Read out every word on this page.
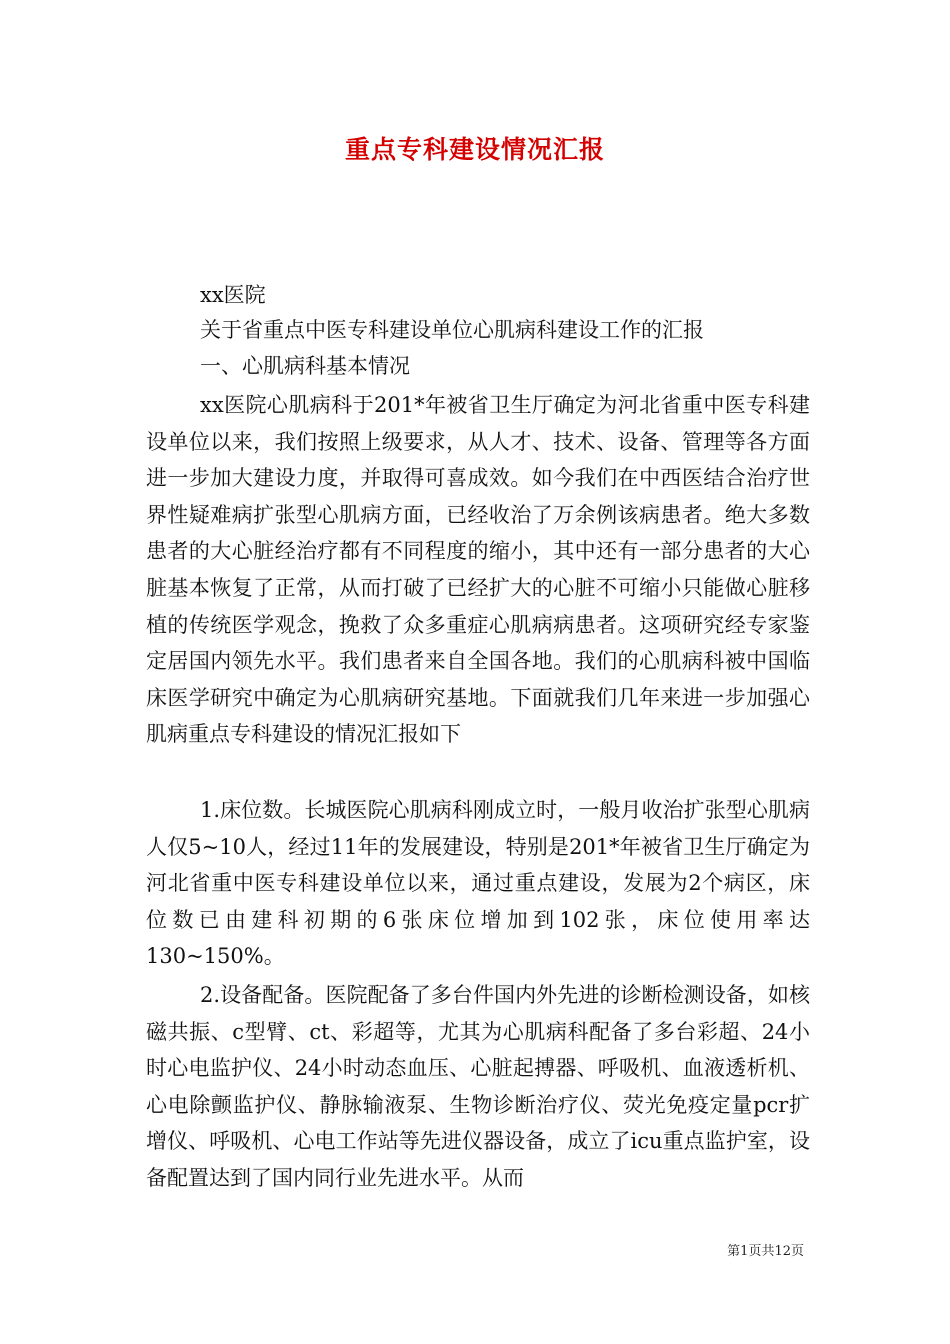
重点专科建设情况汇报
xx医院
关于省重点中医专科建设单位心肌病科建设工作的汇报
一、心肌病科基本情况

xx医院心肌病科于201*年被省卫生厅确定为河北省重中医专科建设单位以来，我们按照上级要求，从人才、技术、设备、管理等各方面进一步加大建设力度，并取得可喜成效。如今我们在中西医结合治疗世界性疑难病扩张型心肌病方面，已经收治了万余例该病患者。绝大多数患者的大心脏经治疗都有不同程度的缩小，其中还有一部分患者的大心脏基本恢复了正常，从而打破了已经扩大的心脏不可缩小只能做心脏移植的传统医学观念，挽救了众多重症心肌病病患者。这项研究经专家鉴定居国内领先水平。我们患者来自全国各地。我们的心肌病科被中国临床医学研究中确定为心肌病研究基地。下面就我们几年来进一步加强心肌病重点专科建设的情况汇报如下

1.床位数。长城医院心肌病科刚成立时，一般月收治扩张型心肌病人仅5~10人，经过11年的发展建设，特别是201*年被省卫生厅确定为河北省重中医专科建设单位以来，通过重点建设，发展为2个病区，床位数已由建科初期的6张床位增加到102张，床位使用率达130~150%。

2.设备配备。医院配备了多台件国内外先进的诊断检测设备，如核磁共振、c型臂、ct、彩超等，尤其为心肌病科配备了多台彩超、24小时心电监护仪、24小时动态血压、心脏起搏器、呼吸机、血液透析机、心电除颤监护仪、静脉输液泵、生物诊断治疗仪、荧光免疫定量pcr扩增仪、呼吸机、心电工作站等先进仪器设备，成立了icu重点监护室，设备配置达到了国内同行业先进水平。从而

第1页共12页
